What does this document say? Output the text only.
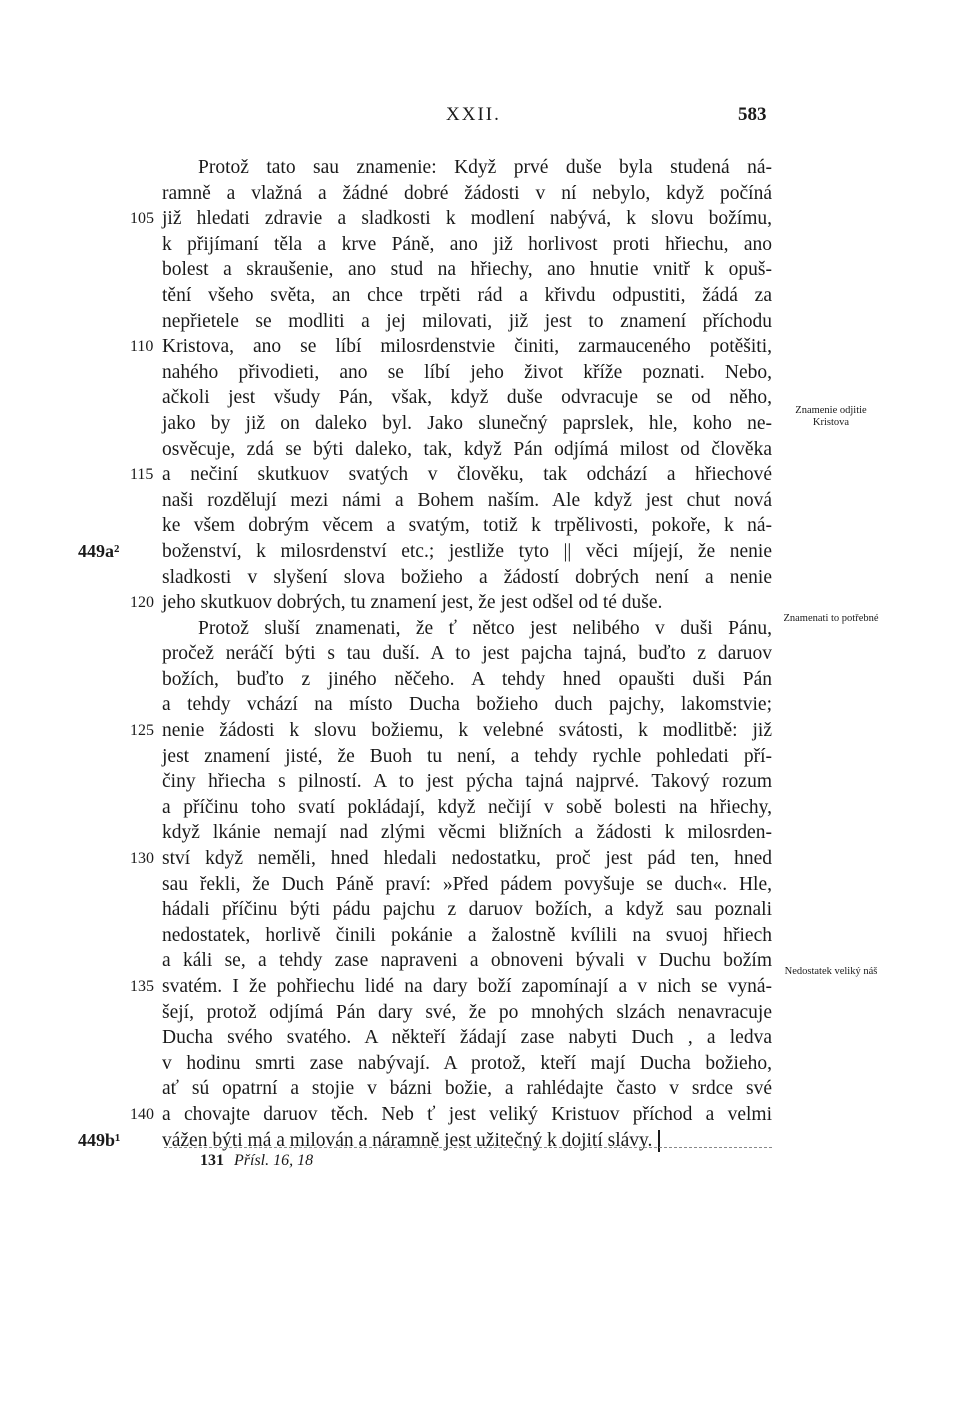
XXII.	583
Protož tato sau znamenie: Když prvé duše byla studená ná-
ramně a vlažná a žádné dobré žádosti v ní nebylo, když počíná
105 již hledati zdravie a sladkosti k modlení nabývá, k slovu božímu,
k přijímaní těla a krve Páně, ano již horlivost proti hřiechu, ano
bolest a skraušenie, ano stud na hřiechy, ano hnutie vnitř k opuš-
tění všeho světa, an chce trpěti rád a křivdu odpustiti, žádá za
nepřietele se modliti a jej milovati, již jest to znamení příchodu
110 Kristova, ano se líbí milosrdenstvie činiti, zarmauceného potěšiti,
nahého přivodieti, ano se líbí jeho život kříže poznati. Nebo,
ačkoli jest všudy Pán, však, když duše odvracuje se od něho,
jako by již on daleko byl. Jako slunečný paprslek, hle, koho ne-
osvěcuje, zdá se býti daleko, tak, když Pán odjímá milost od člověka
115 a nečiní skutkuov svatých v člověku, tak odchází a hřiechové
naši rozdělují mezi námi a Bohem naším. Ale když jest chut nová
ke všem dobrým věcem a svatým, totiž k trpělivosti, pokoře, k ná-
449a² boženství, k milosrdenství etc.; jestliže tyto || věci míjejí, že nenie
sladkosti v slyšení slova božieho a žádostí dobrých není a nenie
120 jeho skutkuov dobrých, tu znamení jest, že jest odšel od té duše.
Protož sluší znamenati, že ť nětco jest nelibého v duši Pánu,
pročež neráčí býti s tau duší. A to jest pajcha tajná, buďto z daruov
božích, buďto z jiného něčeho. A tehdy hned opaušti duši Pán
a tehdy vchází na místo Ducha božieho duch pajchy, lakomstvie;
125 nenie žádosti k slovu božiemu, k velebné svátosti, k modlitbě: již
jest znamení jisté, že Buoh tu není, a tehdy rychle pohledati pří-
činy hřiecha s pilností. A to jest pýcha tajná najprvé. Takový rozum
a příčinu toho svatí pokládají, když nečijí v sobě bolesti na hřiechy,
když lkánie nemají nad zlými věcmi bližních a žádosti k milosrden-
130 ství když neměli, hned hledali nedostatku, proč jest pád ten, hned
sau řekli, že Duch Páně praví: »Před pádem povyšuje se duch«. Hle,
hádali příčinu býti pádu pajchu z daruov božích, a když sau poznali
nedostatek, horlivě činili pokánie a žalostně kvílili na svuoj hřiech
a káli se, a tehdy zase napraveni a obnoveni bývali v Duchu božím
135 svatém. I že pohřiechu lidé na dary boží zapomínají a v nich se vyná-
šejí, protož odjímá Pán dary své, že po mnohých slzách nenavracuje
Ducha svého svatého. A někteří žádají zase nabyti Duch , a ledva
v hodinu smrti zase nabývají. A protož, kteří mají Ducha božieho,
ať sú opatrní a stojie v bázni božie, a rahlédajte často v srdce své
140 a chovajte daruov těch. Neb ť jest veliký Kristuov příchod a velmi
449b¹ vážen býti má a milován a náramně jest užitečný k dojití slávy.
Znamenie odjitie Kristova
Znamenati to potřebné
Nedostatek veliký náš
131 Přísl. 16, 18
